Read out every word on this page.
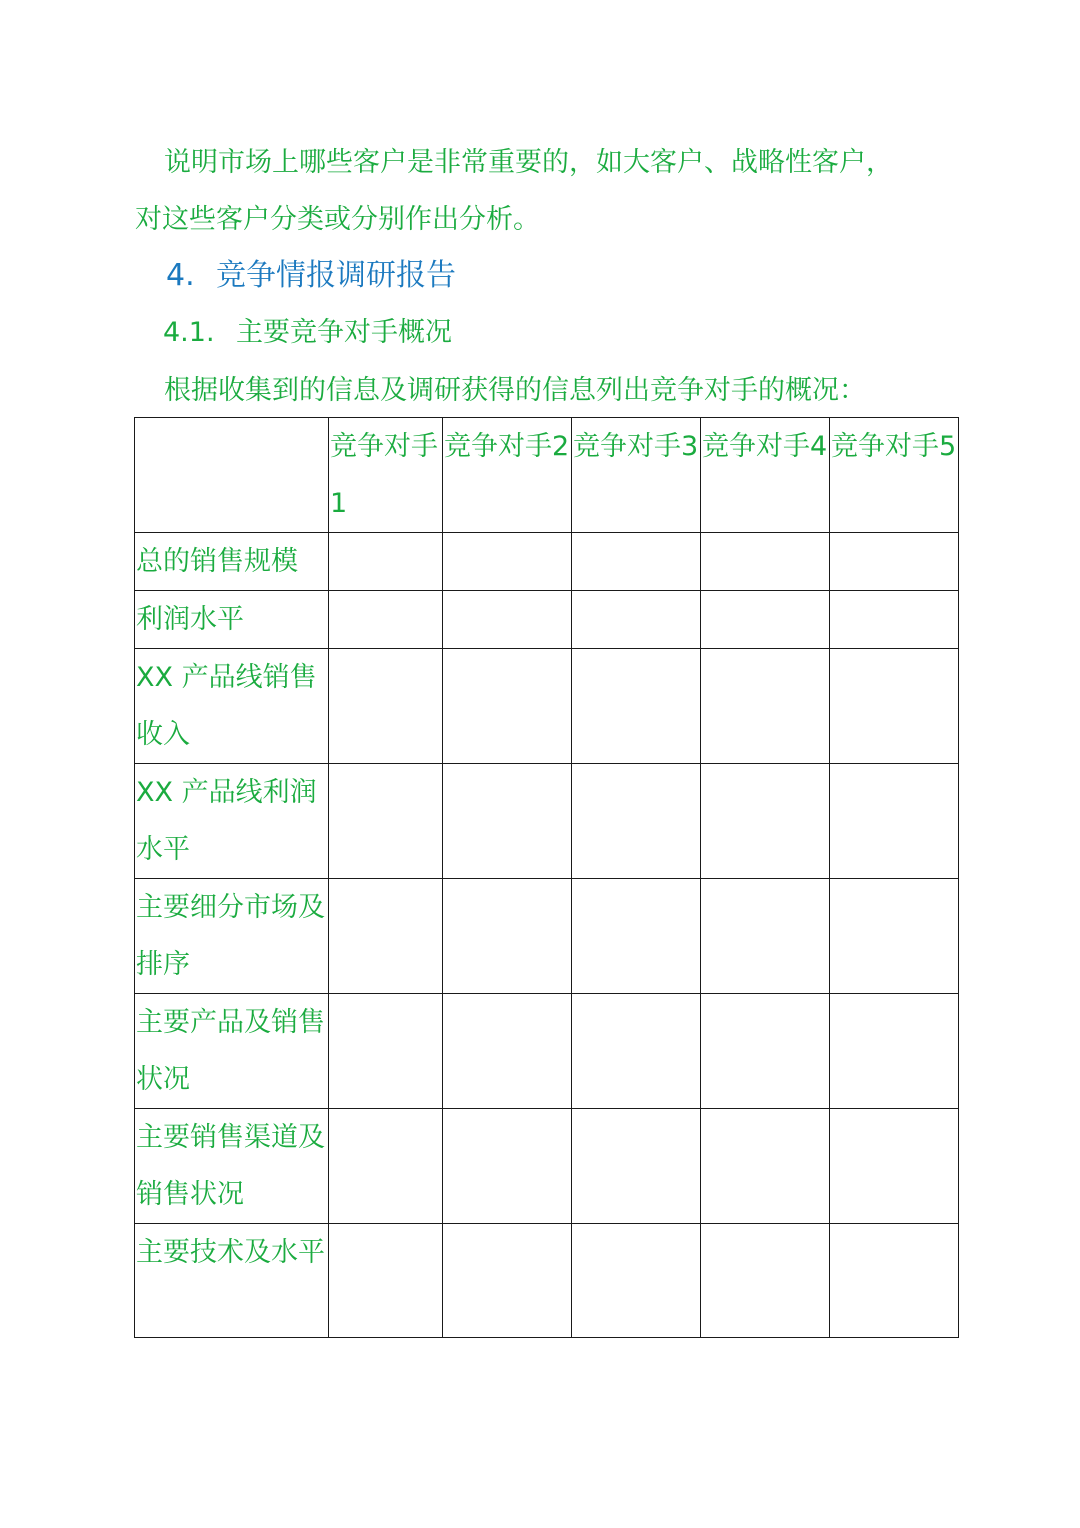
说明市场上哪些客户是非常重要的，如大客户、战略性客户，
对这些客户分类或分别作出分析。
4. 竞争情报调研报告
4.1. 主要竞争对手概况
根据收集到的信息及调研获得的信息列出竞争对手的概况：
	竞争对手 1	竞争对手2	竞争对手3	竞争对手4	竞争对手5
总的销售规模					
利润水平					
XX 产品线销售收入					
XX 产品线利润水平					
主要细分市场及排序					
主要产品及销售状况					
主要销售渠道及销售状况					
主要技术及水平					
